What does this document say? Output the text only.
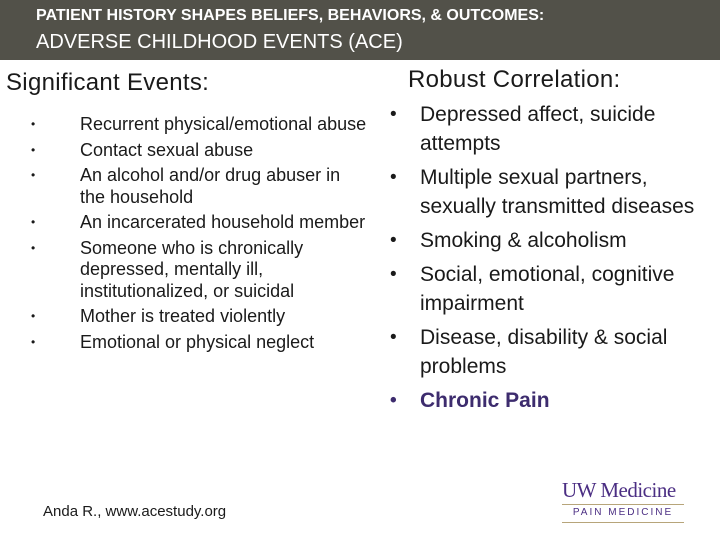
PATIENT HISTORY SHAPES BELIEFS, BEHAVIORS, & OUTCOMES:
ADVERSE CHILDHOOD EVENTS (ACE)
Significant Events:
• Recurrent physical/emotional abuse
• Contact sexual abuse
• An alcohol and/or drug abuser in the household
• An incarcerated household member
• Someone who is chronically depressed, mentally ill, institutionalized, or suicidal
• Mother is treated violently
• Emotional or physical neglect
Robust Correlation:
• Depressed affect, suicide attempts
• Multiple sexual partners, sexually transmitted diseases
• Smoking & alcoholism
• Social, emotional, cognitive impairment
• Disease, disability & social problems
• Chronic Pain
Anda R., www.acestudy.org
UW Medicine
PAIN MEDICINE
